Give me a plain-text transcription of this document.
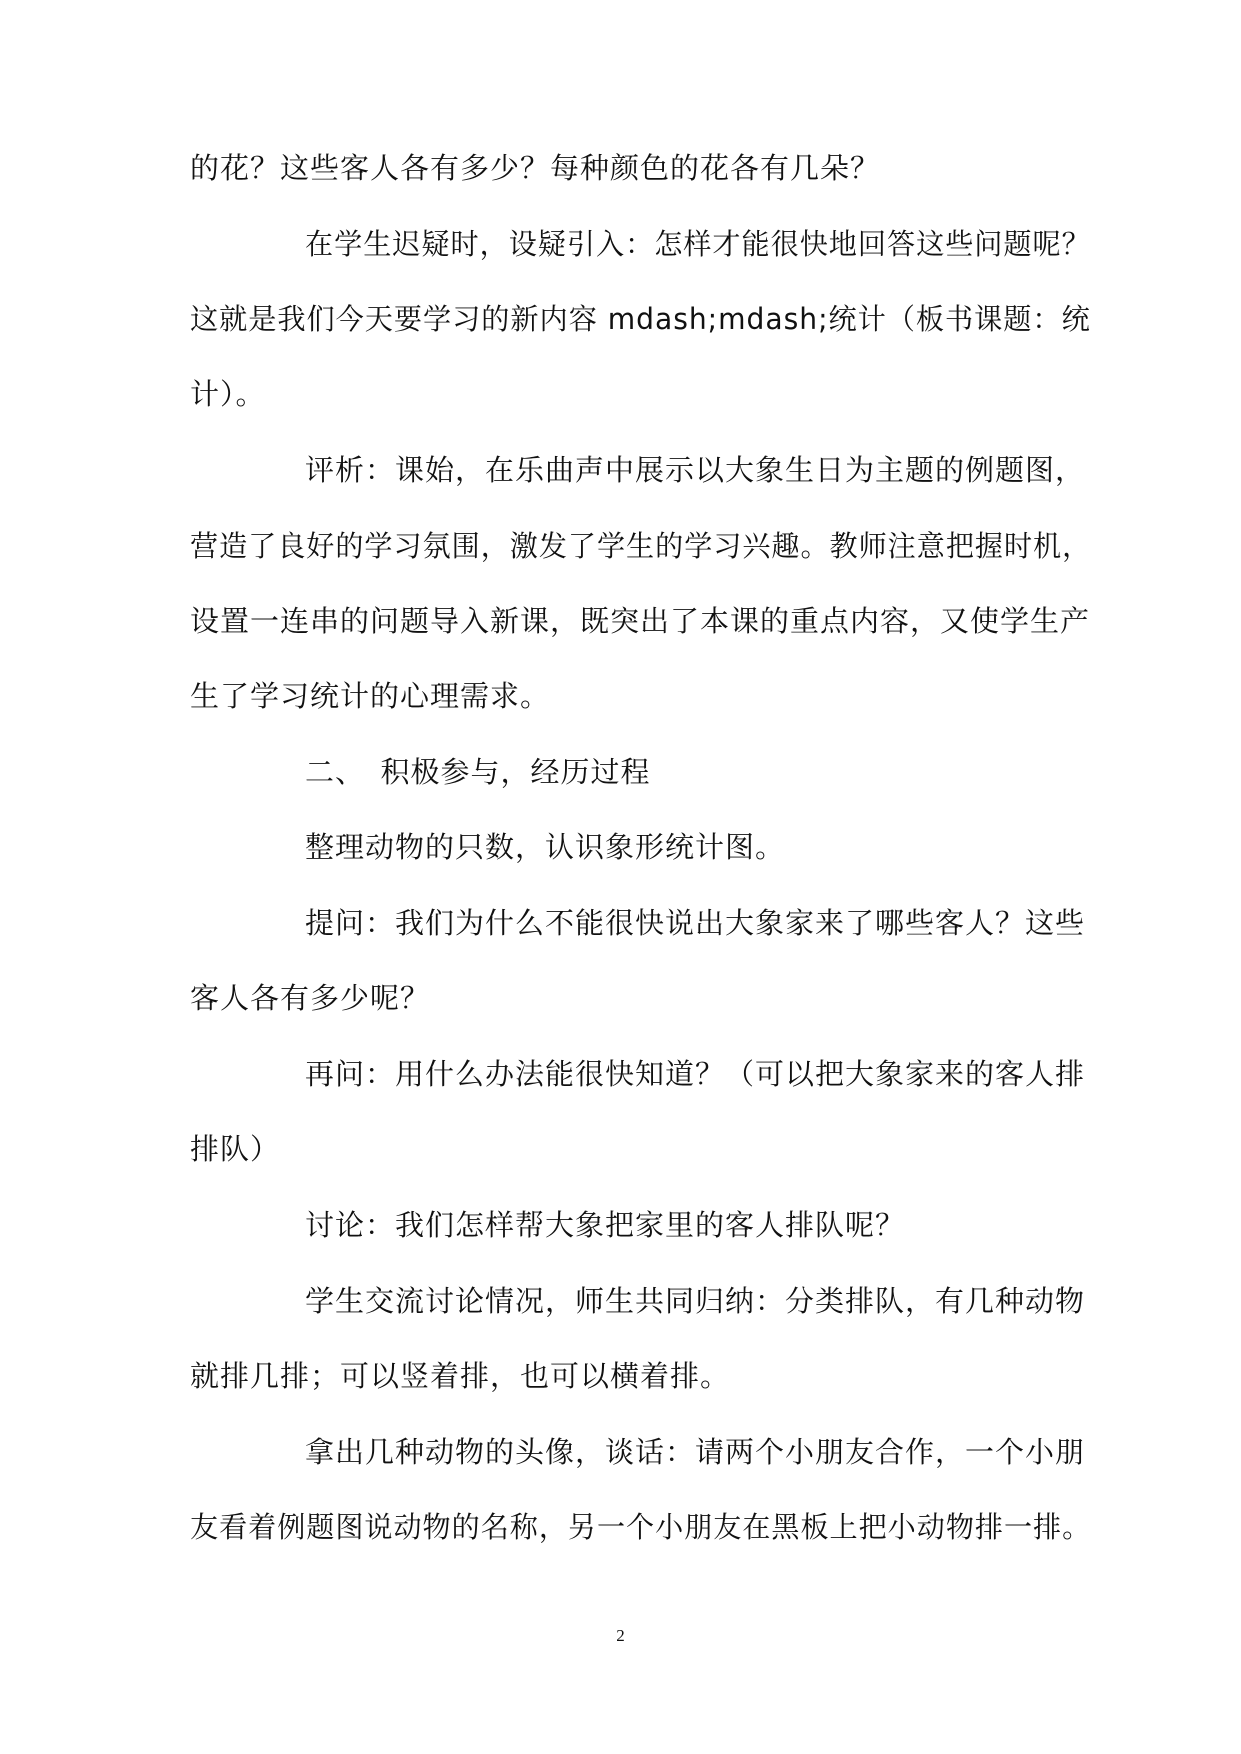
的花？这些客人各有多少？每种颜色的花各有几朵？
在学生迟疑时，设疑引入：怎样才能很快地回答这些问题呢？
这就是我们今天要学习的新内容 mdash;mdash;统计（板书课题：统
计）。
评析：课始，在乐曲声中展示以大象生日为主题的例题图，
营造了良好的学习氛围，激发了学生的学习兴趣。教师注意把握时机，
设置一连串的问题导入新课，既突出了本课的重点内容，又使学生产
生了学习统计的心理需求。
二、　积极参与，经历过程
整理动物的只数，认识象形统计图。
提问：我们为什么不能很快说出大象家来了哪些客人？这些
客人各有多少呢？
再问：用什么办法能很快知道？（可以把大象家来的客人排
排队）
讨论：我们怎样帮大象把家里的客人排队呢？
学生交流讨论情况，师生共同归纳：分类排队，有几种动物
就排几排；可以竖着排，也可以横着排。
拿出几种动物的头像，谈话：请两个小朋友合作，一个小朋
友看着例题图说动物的名称，另一个小朋友在黑板上把小动物排一排。
2
